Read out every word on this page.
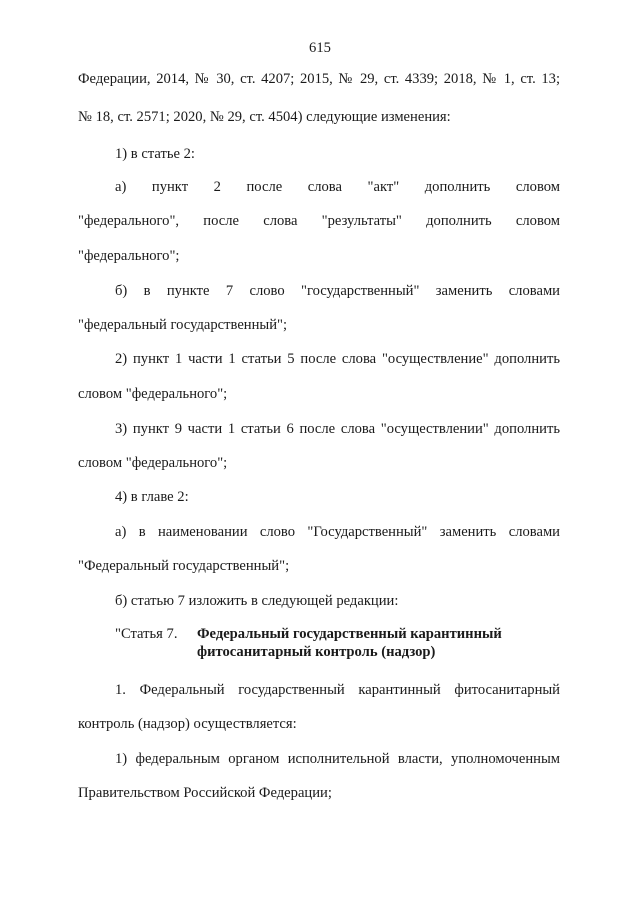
615
Федерации, 2014, № 30, ст. 4207; 2015, № 29, ст. 4339; 2018, № 1, ст. 13;
№ 18, ст. 2571; 2020, № 29, ст. 4504) следующие изменения:
1) в статье 2:
а) пункт 2 после слова "акт" дополнить словом
"федерального", после слова "результаты" дополнить словом
"федерального";
б) в пункте 7 слово "государственный" заменить словами
"федеральный государственный";
2) пункт 1 части 1 статьи 5 после слова "осуществление" дополнить
словом "федерального";
3) пункт 9 части 1 статьи 6 после слова "осуществлении" дополнить
словом "федерального";
4) в главе 2:
а) в наименовании слово "Государственный" заменить словами
"Федеральный государственный";
б) статью 7 изложить в следующей редакции:
"Статья 7. Федеральный государственный карантинный
фитосанитарный контроль (надзор)
1. Федеральный государственный карантинный фитосанитарный
контроль (надзор) осуществляется:
1) федеральным органом исполнительной власти, уполномоченным
Правительством Российской Федерации;
